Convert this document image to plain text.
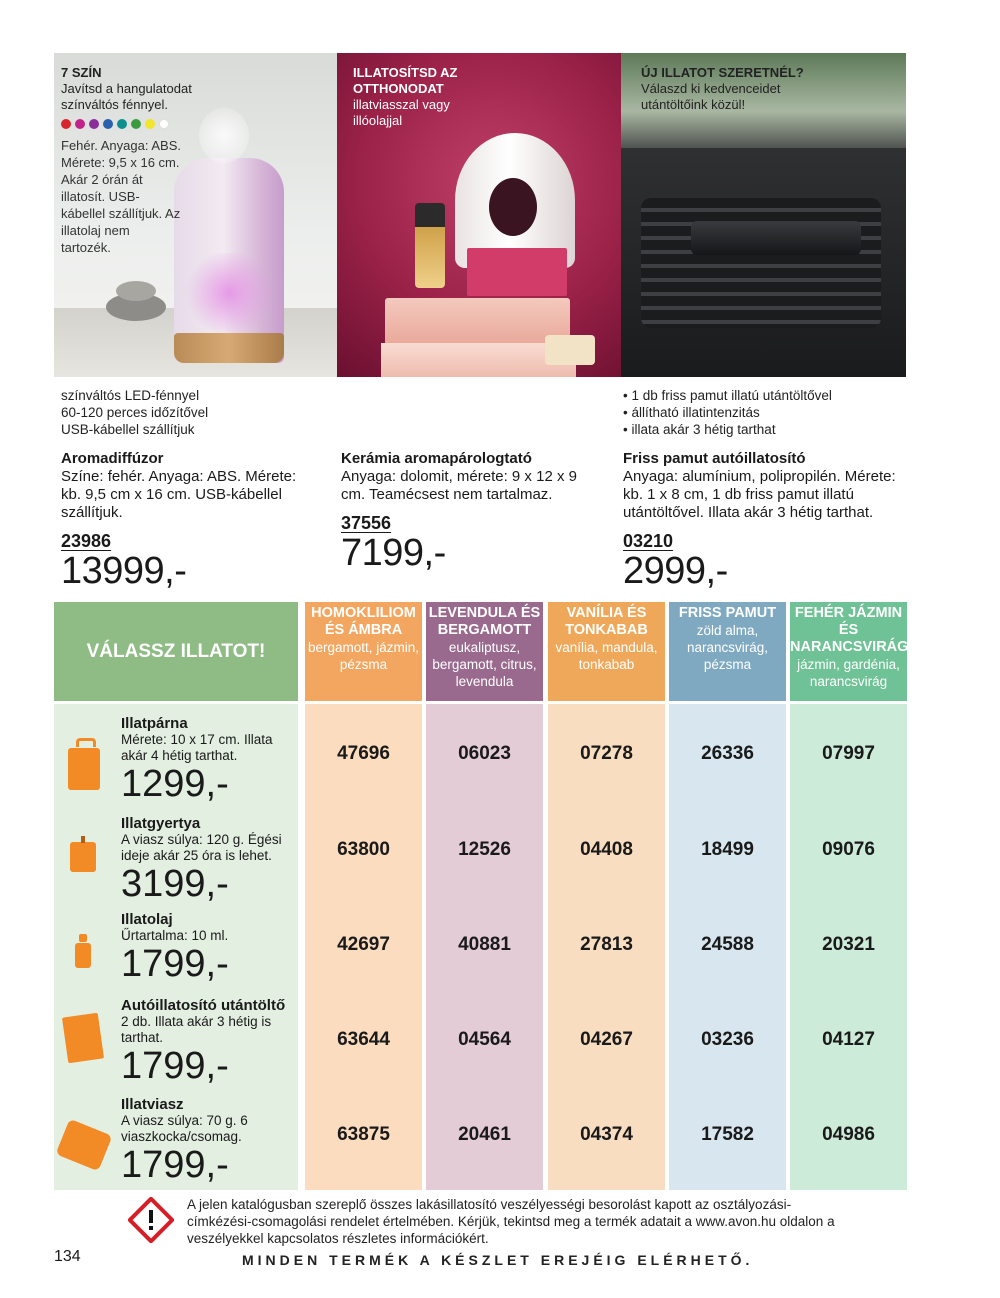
7 SZÍN
Javítsd a hangulatodat színváltós fénnyel.
Fehér. Anyaga: ABS. Mérete: 9,5 x 16 cm. Akár 2 órán át illatosít. USB-kábellel szállítjuk. Az illatolaj nem tartozék.
ILLATOSÍTSD AZ OTTHONODAT
illatviasszal vagy illóolajjal
ÚJ ILLATOT SZERETNÉL?
Válaszd ki kedvenceidet utántöltőink közül!
színváltós LED-fénnyel
60-120 perces időzítővel
USB-kábellel szállítjuk
Aromadiffúzor
Színe: fehér. Anyaga: ABS. Mérete: kb. 9,5 cm x 16 cm. USB-kábellel szállítjuk.
23986
13999,-
Kerámia aromapárologtató
Anyaga: dolomit, mérete: 9 x 12 x 9 cm. Teamécsest nem tartalmaz.
37556
7199,-
• 1 db friss pamut illatú utántöltővel
• állítható illatintenzitás
• illata akár 3 hétig tarthat
Friss pamut autóillatosító
Anyaga: alumínium, polipropilén. Mérete: kb. 1 x 8 cm, 1 db friss pamut illatú utántöltővel. Illata akár 3 hétig tarthat.
03210
2999,-
VÁLASSZ ILLATOT!
HOMOKLILIOM ÉS ÁMBRA
bergamott, jázmin, pézsma
47696
63800
42697
63644
63875
LEVENDULA ÉS BERGAMOTT
eukaliptusz, bergamott, citrus, levendula
06023
12526
40881
04564
20461
VANÍLIA ÉS TONKABAB
vanília, mandula, tonkabab
07278
04408
27813
04267
04374
FRISS PAMUT
zöld alma, narancsvirág, pézsma
26336
18499
24588
03236
17582
FEHÉR JÁZMIN ÉS NARANCSVIRÁG
jázmin, gardénia, narancsvirág
07997
09076
20321
04127
04986
Illatpárna
Mérete: 10 x 17 cm. Illata akár 4 hétig tarthat.
1299,-
Illatgyertya
A viasz súlya: 120 g. Égési ideje akár 25 óra is lehet.
3199,-
Illatolaj
Űrtartalma: 10 ml.
1799,-
Autóillatosító utántöltő
2 db. Illata akár 3 hétig is tarthat.
1799,-
Illatviasz
A viasz súlya: 70 g. 6 viaszkocka/csomag.
1799,-
A jelen katalógusban szereplő összes lakásillatosító veszélyességi besorolást kapott az osztályozási-címkézési-csomagolási rendelet értelmében. Kérjük, tekintsd meg a termék adatait a www.avon.hu oldalon a veszélyekkel kapcsolatos részletes információkért.
134	MINDEN TERMÉK A KÉSZLET EREJÉIG ELÉRHETŐ.
